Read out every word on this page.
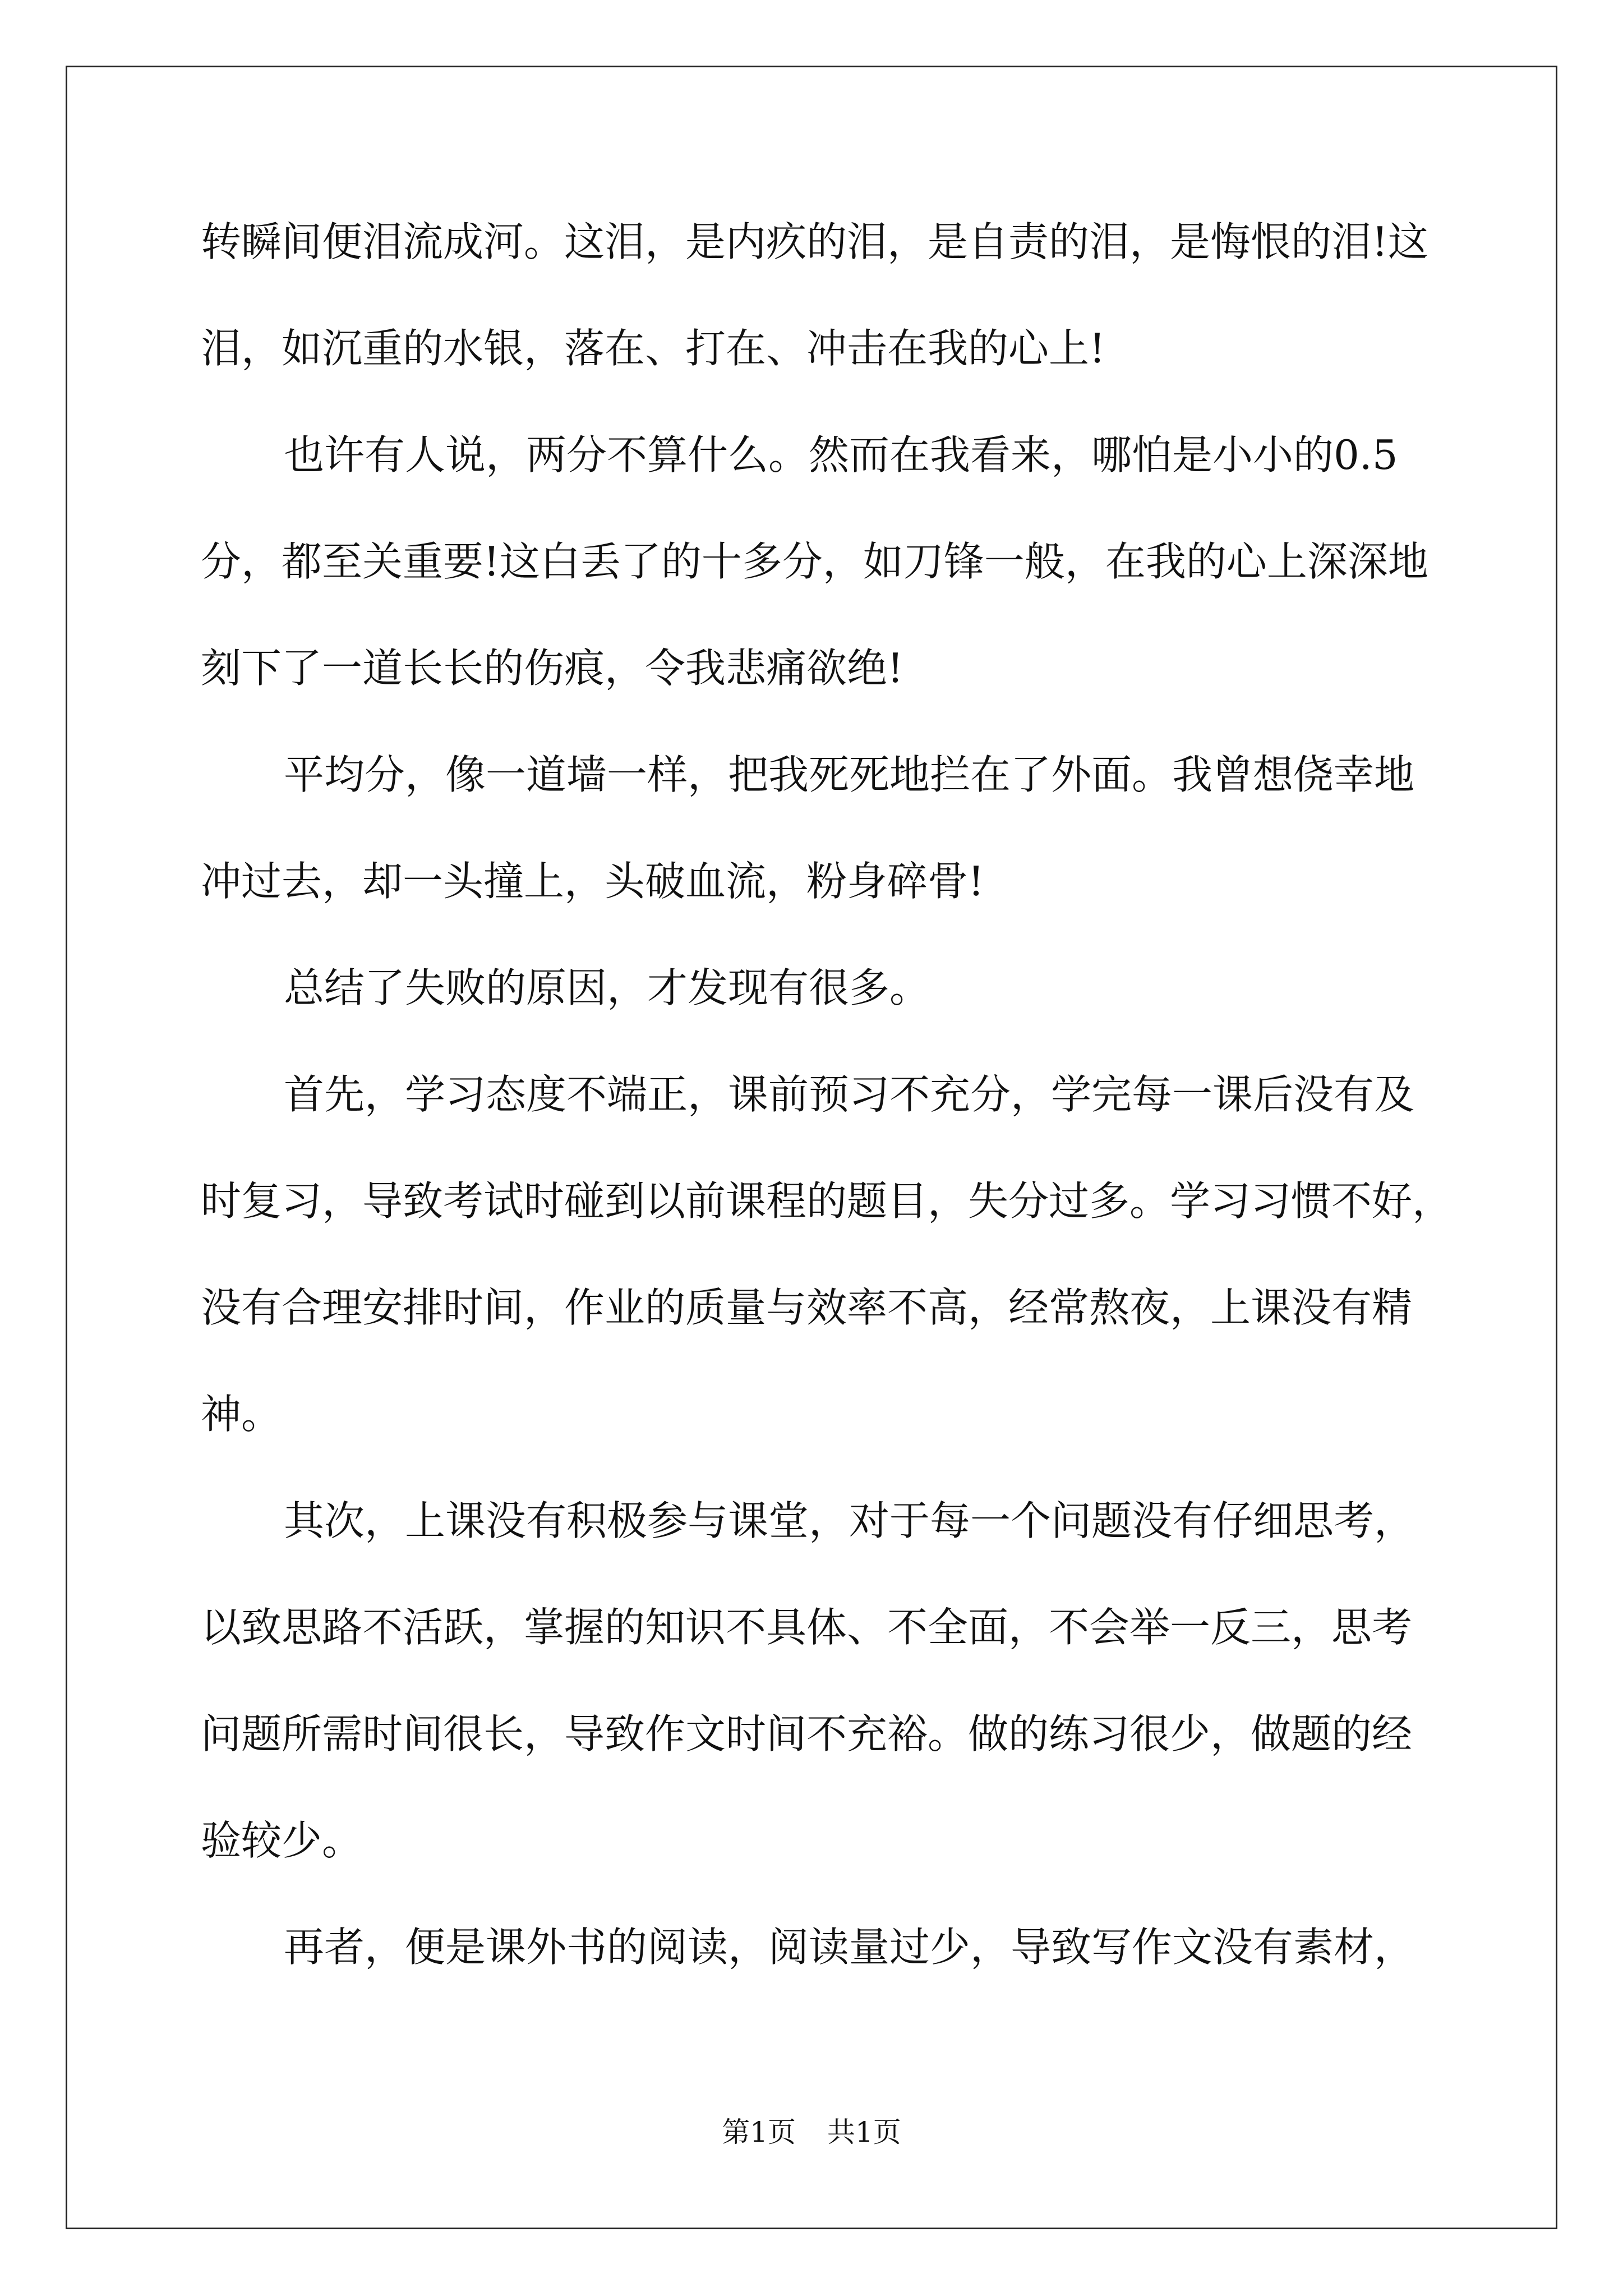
转瞬间便泪流成河。这泪，是内疚的泪，是自责的泪，是悔恨的泪!这
泪，如沉重的水银，落在、打在、冲击在我的心上!
也许有人说，两分不算什么。然而在我看来，哪怕是小小的0.5
分，都至关重要!这白丢了的十多分，如刀锋一般，在我的心上深深地
刻下了一道长长的伤痕，令我悲痛欲绝!
平均分，像一道墙一样，把我死死地拦在了外面。我曾想侥幸地
冲过去，却一头撞上，头破血流，粉身碎骨!
总结了失败的原因，才发现有很多。
首先，学习态度不端正，课前预习不充分，学完每一课后没有及
时复习，导致考试时碰到以前课程的题目，失分过多。学习习惯不好，
没有合理安排时间，作业的质量与效率不高，经常熬夜，上课没有精
神。
其次，上课没有积极参与课堂，对于每一个问题没有仔细思考，
以致思路不活跃，掌握的知识不具体、不全面，不会举一反三，思考
问题所需时间很长，导致作文时间不充裕。做的练习很少，做题的经
验较少。
再者，便是课外书的阅读，阅读量过少，导致写作文没有素材，
第1页 共1页
